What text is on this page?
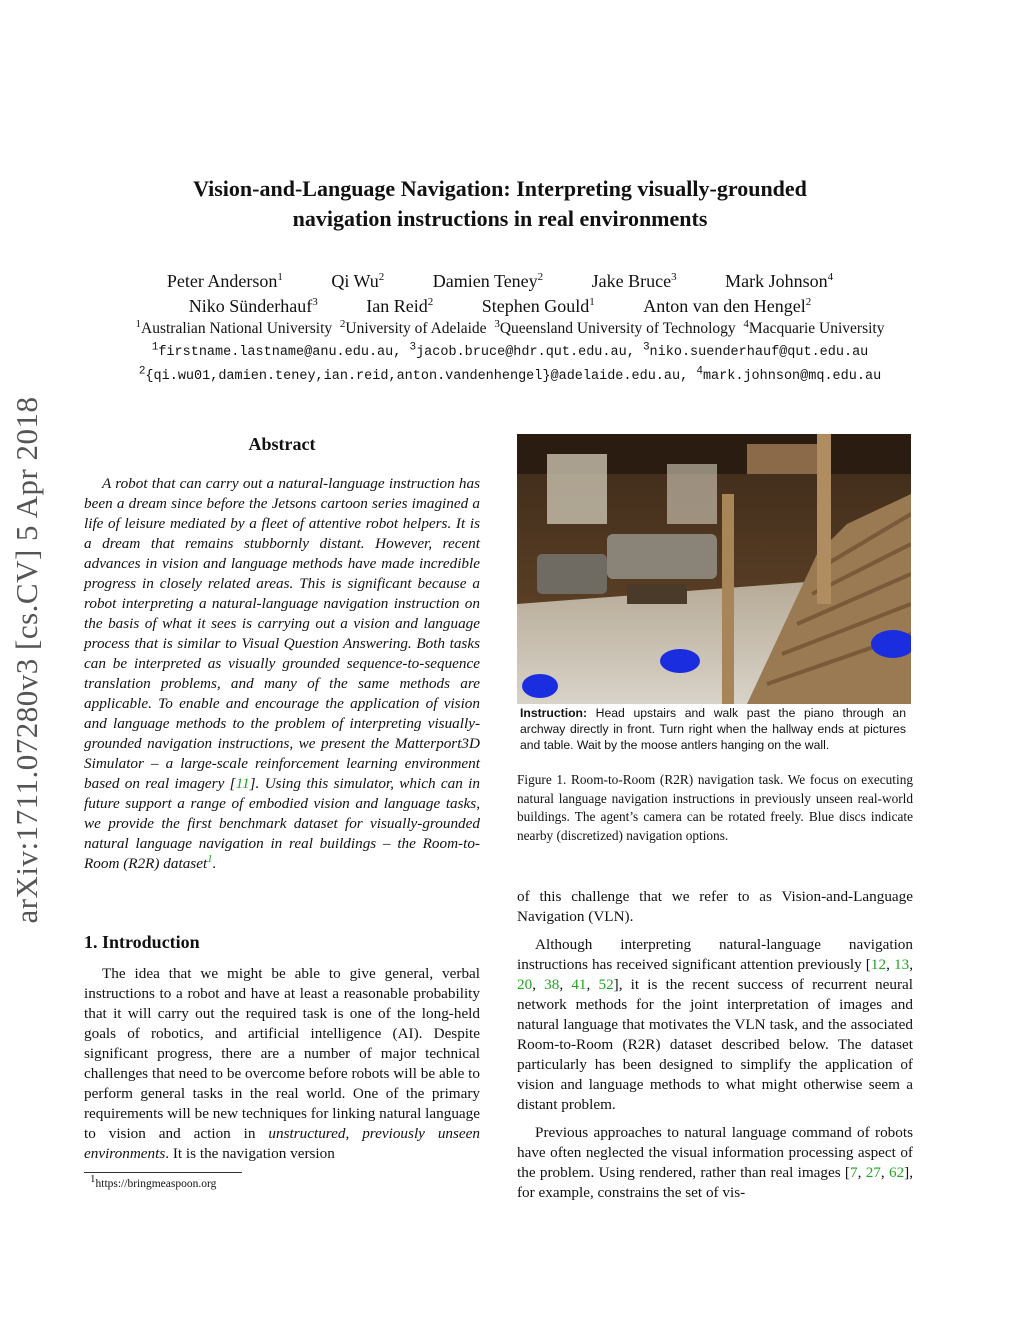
arXiv:1711.07280v3 [cs.CV] 5 Apr 2018
Vision-and-Language Navigation: Interpreting visually-grounded
navigation instructions in real environments
Peter Anderson$^1$	Qi Wu$^2$	Damien Teney$^2$	Jake Bruce$^3$	Mark Johnson$^4$
Niko Sünderhauf$^3$	Ian Reid$^2$	Stephen Gould$^1$	Anton van den Hengel$^2$
$^1$Australian National University $^2$University of Adelaide $^3$Queensland University of Technology $^4$Macquarie University
$^1$firstname.lastname@anu.edu.au, $^3$jacob.bruce@hdr.qut.edu.au, $^3$niko.suenderhauf@qut.edu.au
$^2${qi.wu01,damien.teney,ian.reid,anton.vandenhengel}@adelaide.edu.au, $^4$mark.johnson@mq.edu.au
Abstract
A robot that can carry out a natural-language instruction has been a dream since before the Jetsons cartoon series imagined a life of leisure mediated by a fleet of attentive robot helpers. It is a dream that remains stubbornly distant. However, recent advances in vision and language methods have made incredible progress in closely related areas. This is significant because a robot interpreting a natural-language navigation instruction on the basis of what it sees is carrying out a vision and language process that is similar to Visual Question Answering. Both tasks can be interpreted as visually grounded sequence-to-sequence translation problems, and many of the same methods are applicable. To enable and encourage the application of vision and language methods to the problem of interpreting visually-grounded navigation instructions, we present the Matterport3D Simulator – a large-scale reinforcement learning environment based on real imagery [11]. Using this simulator, which can in future support a range of embodied vision and language tasks, we provide the first benchmark dataset for visually-grounded natural language navigation in real buildings – the Room-to-Room (R2R) dataset$^1$.
1. Introduction
The idea that we might be able to give general, verbal instructions to a robot and have at least a reasonable probability that it will carry out the required task is one of the long-held goals of robotics, and artificial intelligence (AI). Despite significant progress, there are a number of major technical challenges that need to be overcome before robots will be able to perform general tasks in the real world. One of the primary requirements will be new techniques for linking natural language to vision and action in unstructured, previously unseen environments. It is the navigation version
$^1$https://bringmeaspoon.org
Instruction: Head upstairs and walk past the piano through an archway directly in front. Turn right when the hallway ends at pictures and table. Wait by the moose antlers hanging on the wall.
Figure 1. Room-to-Room (R2R) navigation task. We focus on executing natural language navigation instructions in previously unseen real-world buildings. The agent’s camera can be rotated freely. Blue discs indicate nearby (discretized) navigation options.

of this challenge that we refer to as Vision-and-Language Navigation (VLN).

Although interpreting natural-language navigation instructions has received significant attention previously [12, 13, 20, 38, 41, 52], it is the recent success of recurrent neural network methods for the joint interpretation of images and natural language that motivates the VLN task, and the associated Room-to-Room (R2R) dataset described below. The dataset particularly has been designed to simplify the application of vision and language methods to what might otherwise seem a distant problem.

Previous approaches to natural language command of robots have often neglected the visual information processing aspect of the problem. Using rendered, rather than real images [7, 27, 62], for example, constrains the set of vis-
